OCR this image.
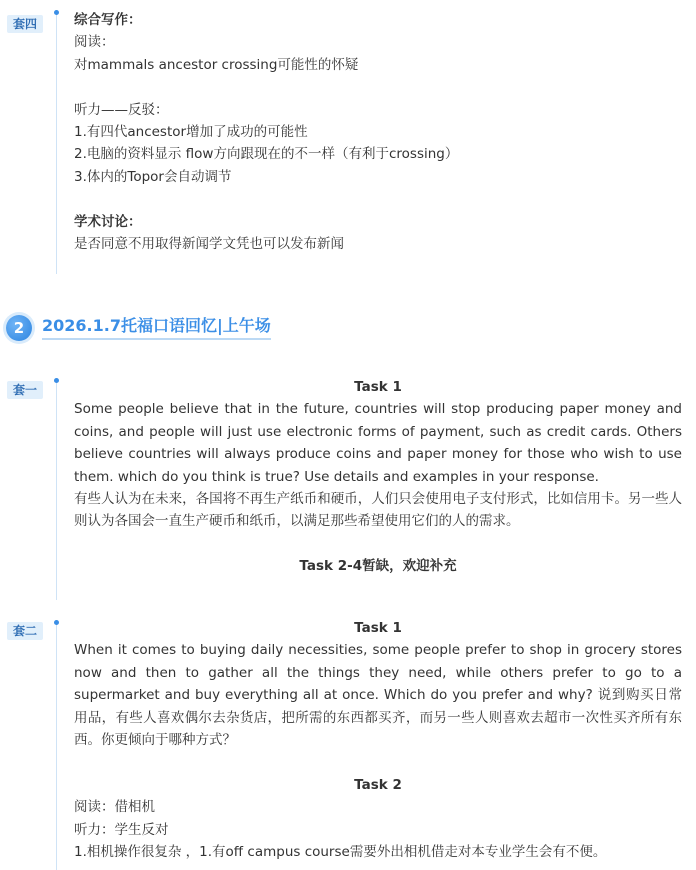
套四	综合写作：

阅读：

对mammals ancestor crossing可能性的怀疑

听力——反驳：

1.有四代ancestor增加了成功的可能性

2.电脑的资料显示 flow方向跟现在的不一样（有利于crossing）

3.体内的Topor会自动调节

学术讨论：

是否同意不用取得新闻学文凭也可以发布新闻

2	2026.1.7托福口语回忆|上午场
套一	Task 1

Some people believe that in the future, countries will stop producing paper money and coins, and people will just use electronic forms of payment, such as credit cards. Others believe countries will always produce coins and paper money for those who wish to use them. which do you think is true? Use details and examples in your response.

有些人认为在未来，各国将不再生产纸币和硬币，人们只会使用电子支付形式，比如信用卡。另一些人则认为各国会一直生产硬币和纸币，以满足那些希望使用它们的人的需求。

Task 2-4暂缺，欢迎补充

套二	Task 1

When it comes to buying daily necessities, some people prefer to shop in grocery stores now and then to gather all the things they need, while others prefer to go to a supermarket and buy everything all at once. Which do you prefer and why? 说到购买日常用品，有些人喜欢偶尔去杂货店，把所需的东西都买齐，而另一些人则喜欢去超市一次性买齐所有东西。你更倾向于哪种方式？

Task 2

阅读：借相机

听力：学生反对

1.相机操作很复杂 ，1.有off campus course需要外出相机借走对本专业学生会有不便。
